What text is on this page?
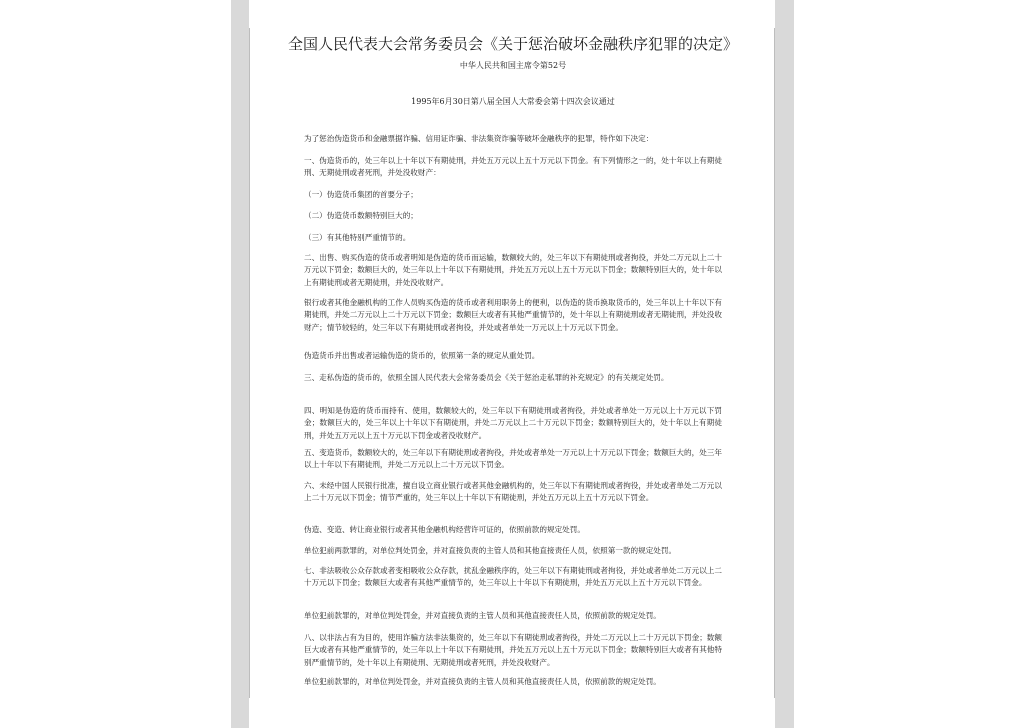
全国人民代表大会常务委员会《关于惩治破坏金融秩序犯罪的决定》
中华人民共和国主席令第52号
1995年6月30日第八届全国人大常委会第十四次会议通过

为了惩治伪造货币和金融票据诈骗、信用证诈骗、非法集资诈骗等破坏金融秩序的犯罪，特作如下决定：

一、伪造货币的，处三年以上十年以下有期徒刑，并处五万元以上五十万元以下罚金。有下列情形之一的，处十年以上有期徒刑、无期徒刑或者死刑，并处没收财产：

（一）伪造货币集团的首要分子；

（二）伪造货币数额特别巨大的；

（三）有其他特别严重情节的。

二、出售、购买伪造的货币或者明知是伪造的货币而运输，数额较大的，处三年以下有期徒刑或者拘役，并处二万元以上二十万元以下罚金；数额巨大的，处三年以上十年以下有期徒刑，并处五万元以上五十万元以下罚金；数额特别巨大的，处十年以上有期徒刑或者无期徒刑，并处没收财产。

银行或者其他金融机构的工作人员购买伪造的货币或者利用职务上的便利，以伪造的货币换取货币的，处三年以上十年以下有期徒刑，并处二万元以上二十万元以下罚金；数额巨大或者有其他严重情节的，处十年以上有期徒刑或者无期徒刑，并处没收财产；情节较轻的，处三年以下有期徒刑或者拘役，并处或者单处一万元以上十万元以下罚金。

伪造货币并出售或者运输伪造的货币的，依照第一条的规定从重处罚。

三、走私伪造的货币的，依照全国人民代表大会常务委员会《关于惩治走私罪的补充规定》的有关规定处罚。

四、明知是伪造的货币而持有、使用，数额较大的，处三年以下有期徒刑或者拘役，并处或者单处一万元以上十万元以下罚金；数额巨大的，处三年以上十年以下有期徒刑，并处二万元以上二十万元以下罚金；数额特别巨大的，处十年以上有期徒刑，并处五万元以上五十万元以下罚金或者没收财产。

五、变造货币，数额较大的，处三年以下有期徒刑或者拘役，并处或者单处一万元以上十万元以下罚金；数额巨大的，处三年以上十年以下有期徒刑，并处二万元以上二十万元以下罚金。

六、未经中国人民银行批准，擅自设立商业银行或者其他金融机构的，处三年以下有期徒刑或者拘役，并处或者单处二万元以上二十万元以下罚金；情节严重的，处三年以上十年以下有期徒刑，并处五万元以上五十万元以下罚金。

伪造、变造、转让商业银行或者其他金融机构经营许可证的，依照前款的规定处罚。

单位犯前两款罪的，对单位判处罚金，并对直接负责的主管人员和其他直接责任人员，依照第一款的规定处罚。

七、非法吸收公众存款或者变相吸收公众存款，扰乱金融秩序的，处三年以下有期徒刑或者拘役，并处或者单处二万元以上二十万元以下罚金；数额巨大或者有其他严重情节的，处三年以上十年以下有期徒刑，并处五万元以上五十万元以下罚金。

单位犯前款罪的，对单位判处罚金，并对直接负责的主管人员和其他直接责任人员，依照前款的规定处罚。

八、以非法占有为目的，使用诈骗方法非法集资的，处三年以下有期徒刑或者拘役，并处二万元以上二十万元以下罚金；数额巨大或者有其他严重情节的，处三年以上十年以下有期徒刑，并处五万元以上五十万元以下罚金；数额特别巨大或者有其他特别严重情节的，处十年以上有期徒刑、无期徒刑或者死刑，并处没收财产。

单位犯前款罪的，对单位判处罚金，并对直接负责的主管人员和其他直接责任人员，依照前款的规定处罚。
